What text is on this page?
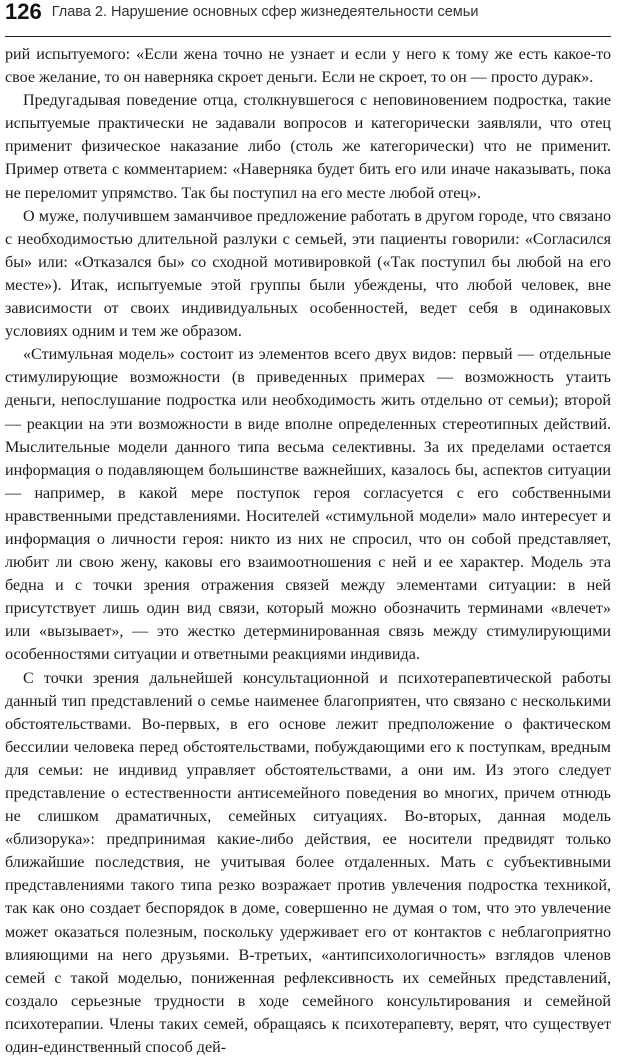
126 Глава 2. Нарушение основных сфер жизнедеятельности семьи

рий испытуемого: «Если жена точно не узнает и если у него к тому же есть какое-то свое желание, то он наверняка скроет деньги. Если не скроет, то он — просто дурак».

Предугадывая поведение отца, столкнувшегося с неповиновением подростка, такие испытуемые практически не задавали вопросов и категорически заявляли, что отец применит физическое наказание либо (столь же категорически) что не применит. Пример ответа с комментарием: «Наверняка будет бить его или иначе наказывать, пока не переломит упрямство. Так бы поступил на его месте любой отец».

О муже, получившем заманчивое предложение работать в другом городе, что связано с необходимостью длительной разлуки с семьей, эти пациенты говорили: «Согласился бы» или: «Отказался бы» со сходной мотивировкой («Так поступил бы любой на его месте»). Итак, испытуемые этой группы были убеждены, что любой человек, вне зависимости от своих индивидуальных особенностей, ведет себя в одинаковых условиях одним и тем же образом.

«Стимульная модель» состоит из элементов всего двух видов: первый — отдельные стимулирующие возможности (в приведенных примерах — возможность утаить деньги, непослушание подростка или необходимость жить отдельно от семьи); второй — реакции на эти возможности в виде вполне определенных стереотипных действий. Мыслительные модели данного типа весьма селективны. За их пределами остается информация о подавляющем большинстве важнейших, казалось бы, аспектов ситуации — например, в какой мере поступок героя согласуется с его собственными нравственными представлениями. Носителей «стимульной модели» мало интересует и информация о личности героя: никто из них не спросил, что он собой представляет, любит ли свою жену, каковы его взаимоотношения с ней и ее характер. Модель эта бедна и с точки зрения отражения связей между элементами ситуации: в ней присутствует лишь один вид связи, который можно обозначить терминами «влечет» или «вызывает», — это жестко детерминированная связь между стимулирующими особенностями ситуации и ответными реакциями индивида.

С точки зрения дальнейшей консультационной и психотерапевтической работы данный тип представлений о семье наименее благоприятен, что связано с несколькими обстоятельствами. Во-первых, в его основе лежит предположение о фактическом бессилии человека перед обстоятельствами, побуждающими его к поступкам, вредным для семьи: не индивид управляет обстоятельствами, а они им. Из этого следует представление о естественности антисемейного поведения во многих, причем отнюдь не слишком драматичных, семейных ситуациях. Во-вторых, данная модель «близорука»: предпринимая какие-либо действия, ее носители предвидят только ближайшие последствия, не учитывая более отдаленных. Мать с субъективными представлениями такого типа резко возражает против увлечения подростка техникой, так как оно создает беспорядок в доме, совершенно не думая о том, что это увлечение может оказаться полезным, поскольку удерживает его от контактов с неблагоприятно влияющими на него друзьями. В-третьих, «антипсихологичность» взглядов членов семей с такой моделью, пониженная рефлексивность их семейных представлений, создало серьезные трудности в ходе семейного консультирования и семейной психотерапии. Члены таких семей, обращаясь к психотерапевту, верят, что существует один-единственный способ дей-
